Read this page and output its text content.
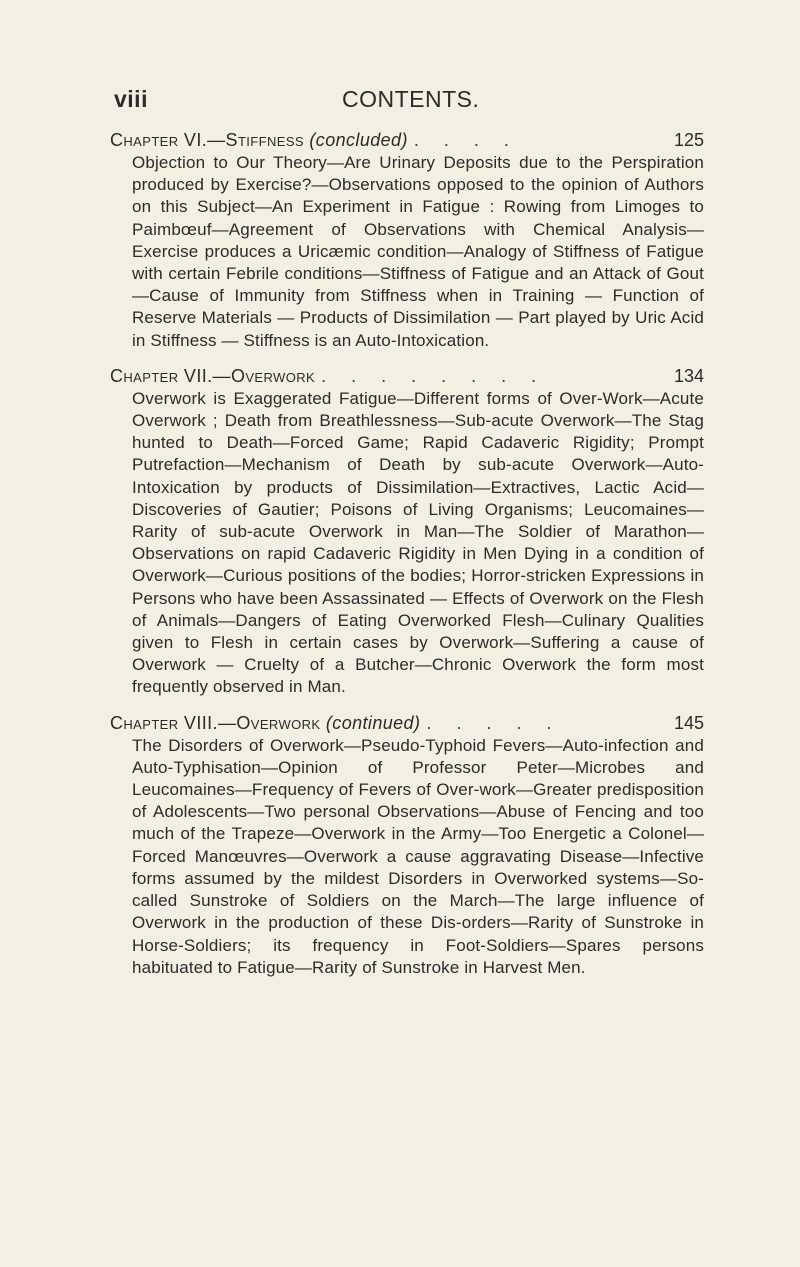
viii	CONTENTS.
Chapter VI.—Stiffness (concluded) . . . .	125

Objection to Our Theory—Are Urinary Deposits due to the Perspiration produced by Exercise?—Observations opposed to the opinion of Authors on this Subject—An Experiment in Fatigue : Rowing from Limoges to Paimbœuf—Agreement of Observations with Chemical Analysis—Exercise produces a Uricæmic condition—Analogy of Stiffness of Fatigue with certain Febrile conditions—Stiffness of Fatigue and an Attack of Gout—Cause of Immunity from Stiffness when in Training — Function of Reserve Materials — Products of Dissimilation — Part played by Uric Acid in Stiffness — Stiffness is an Auto-Intoxication.

Chapter VII.—Overwork . . . . . . . .	134

Overwork is Exaggerated Fatigue—Different forms of Over-Work—Acute Overwork ; Death from Breathlessness—Sub-acute Overwork—The Stag hunted to Death—Forced Game; Rapid Cadaveric Rigidity; Prompt Putrefaction—Mechanism of Death by sub-acute Overwork—Auto-Intoxication by products of Dissimilation—Extractives, Lactic Acid—Discoveries of Gautier; Poisons of Living Organisms; Leucomaines—Rarity of sub-acute Overwork in Man—The Soldier of Marathon—Observations on rapid Cadaveric Rigidity in Men Dying in a condition of Overwork—Curious positions of the bodies; Horror-stricken Expressions in Persons who have been Assassinated — Effects of Overwork on the Flesh of Animals—Dangers of Eating Overworked Flesh—Culinary Qualities given to Flesh in certain cases by Overwork—Suffering a cause of Overwork — Cruelty of a Butcher—Chronic Overwork the form most frequently observed in Man.

Chapter VIII.—Overwork (continued) . . . . .	145

The Disorders of Overwork—Pseudo-Typhoid Fevers—Auto-infection and Auto-Typhisation—Opinion of Professor Peter—Microbes and Leucomaines—Frequency of Fevers of Over-work—Greater predisposition of Adolescents—Two personal Observations—Abuse of Fencing and too much of the Trapeze—Overwork in the Army—Too Energetic a Colonel—Forced Manœuvres—Overwork a cause aggravating Disease—Infective forms assumed by the mildest Disorders in Overworked systems—So-called Sunstroke of Soldiers on the March—The large influence of Overwork in the production of these Dis-orders—Rarity of Sunstroke in Horse-Soldiers; its frequency in Foot-Soldiers—Spares persons habituated to Fatigue—Rarity of Sunstroke in Harvest Men.
